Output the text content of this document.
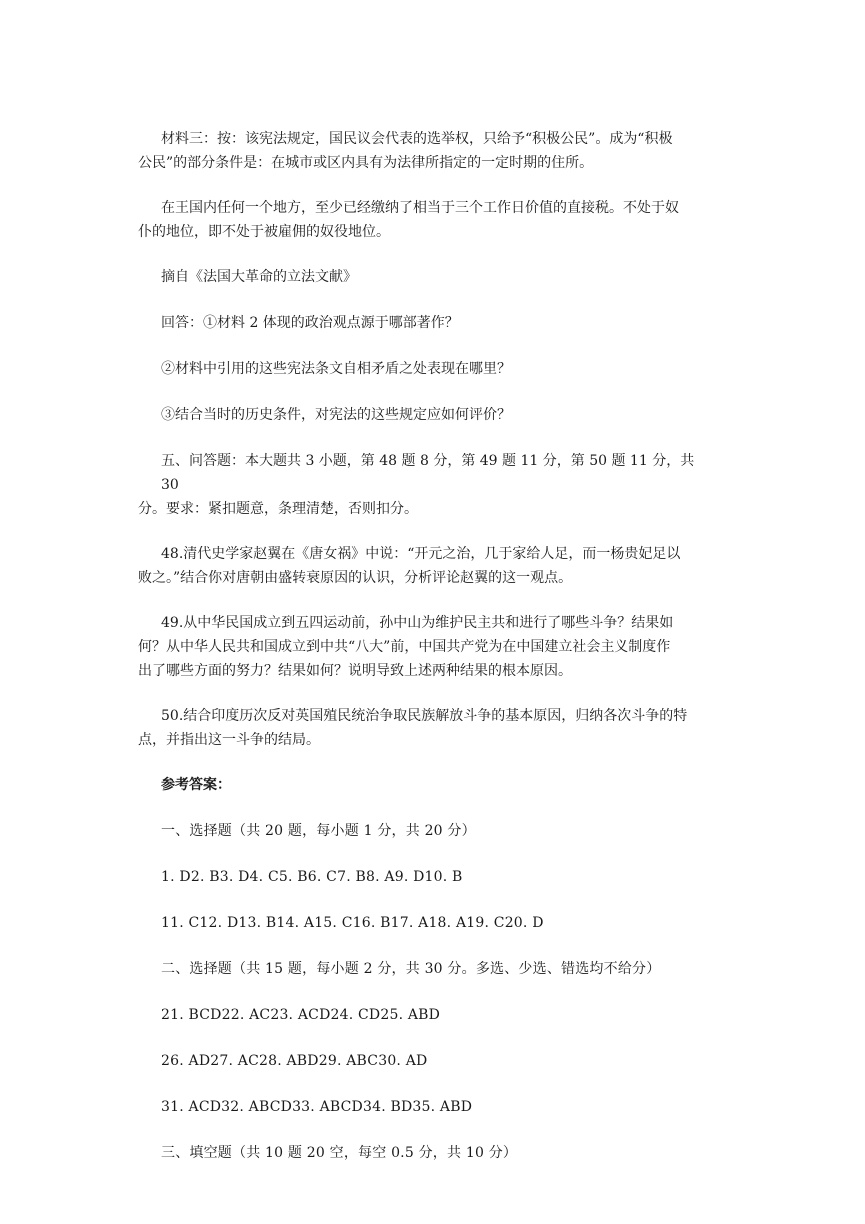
材料三：按：该宪法规定，国民议会代表的选举权，只给予“积极公民”。成为“积极
公民”的部分条件是：在城市或区内具有为法律所指定的一定时期的住所。

在王国内任何一个地方，至少已经缴纳了相当于三个工作日价值的直接税。不处于奴
仆的地位，即不处于被雇佣的奴役地位。

摘自《法国大革命的立法文献》

回答：①材料 2 体现的政治观点源于哪部著作？

②材料中引用的这些宪法条文自相矛盾之处表现在哪里？

③结合当时的历史条件，对宪法的这些规定应如何评价？

五、问答题：本大题共 3 小题，第 48 题 8 分，第 49 题 11 分，第 50 题 11 分，共 30
分。要求：紧扣题意，条理清楚，否则扣分。

48.清代史学家赵翼在《唐女祸》中说：“开元之治，几于家给人足，而一杨贵妃足以
败之。”结合你对唐朝由盛转衰原因的认识，分析评论赵翼的这一观点。

49.从中华民国成立到五四运动前，孙中山为维护民主共和进行了哪些斗争？结果如
何？从中华人民共和国成立到中共“八大”前，中国共产党为在中国建立社会主义制度作
出了哪些方面的努力？结果如何？说明导致上述两种结果的根本原因。

50.结合印度历次反对英国殖民统治争取民族解放斗争的基本原因，归纳各次斗争的特
点，并指出这一斗争的结局。

参考答案：

一、选择题（共 20 题，每小题 1 分，共 20 分）

1. D2. B3. D4. C5. B6. C7. B8. A9. D10. B

11. C12. D13. B14. A15. C16. B17. A18. A19. C20. D

二、选择题（共 15 题，每小题 2 分，共 30 分。多选、少选、错选均不给分）

21. BCD22. AC23. ACD24. CD25. ABD

26. AD27. AC28. ABD29. ABC30. AD

31. ACD32. ABCD33. ABCD34. BD35. ABD

三、填空题（共 10 题 20 空，每空 0.5 分，共 10 分）
